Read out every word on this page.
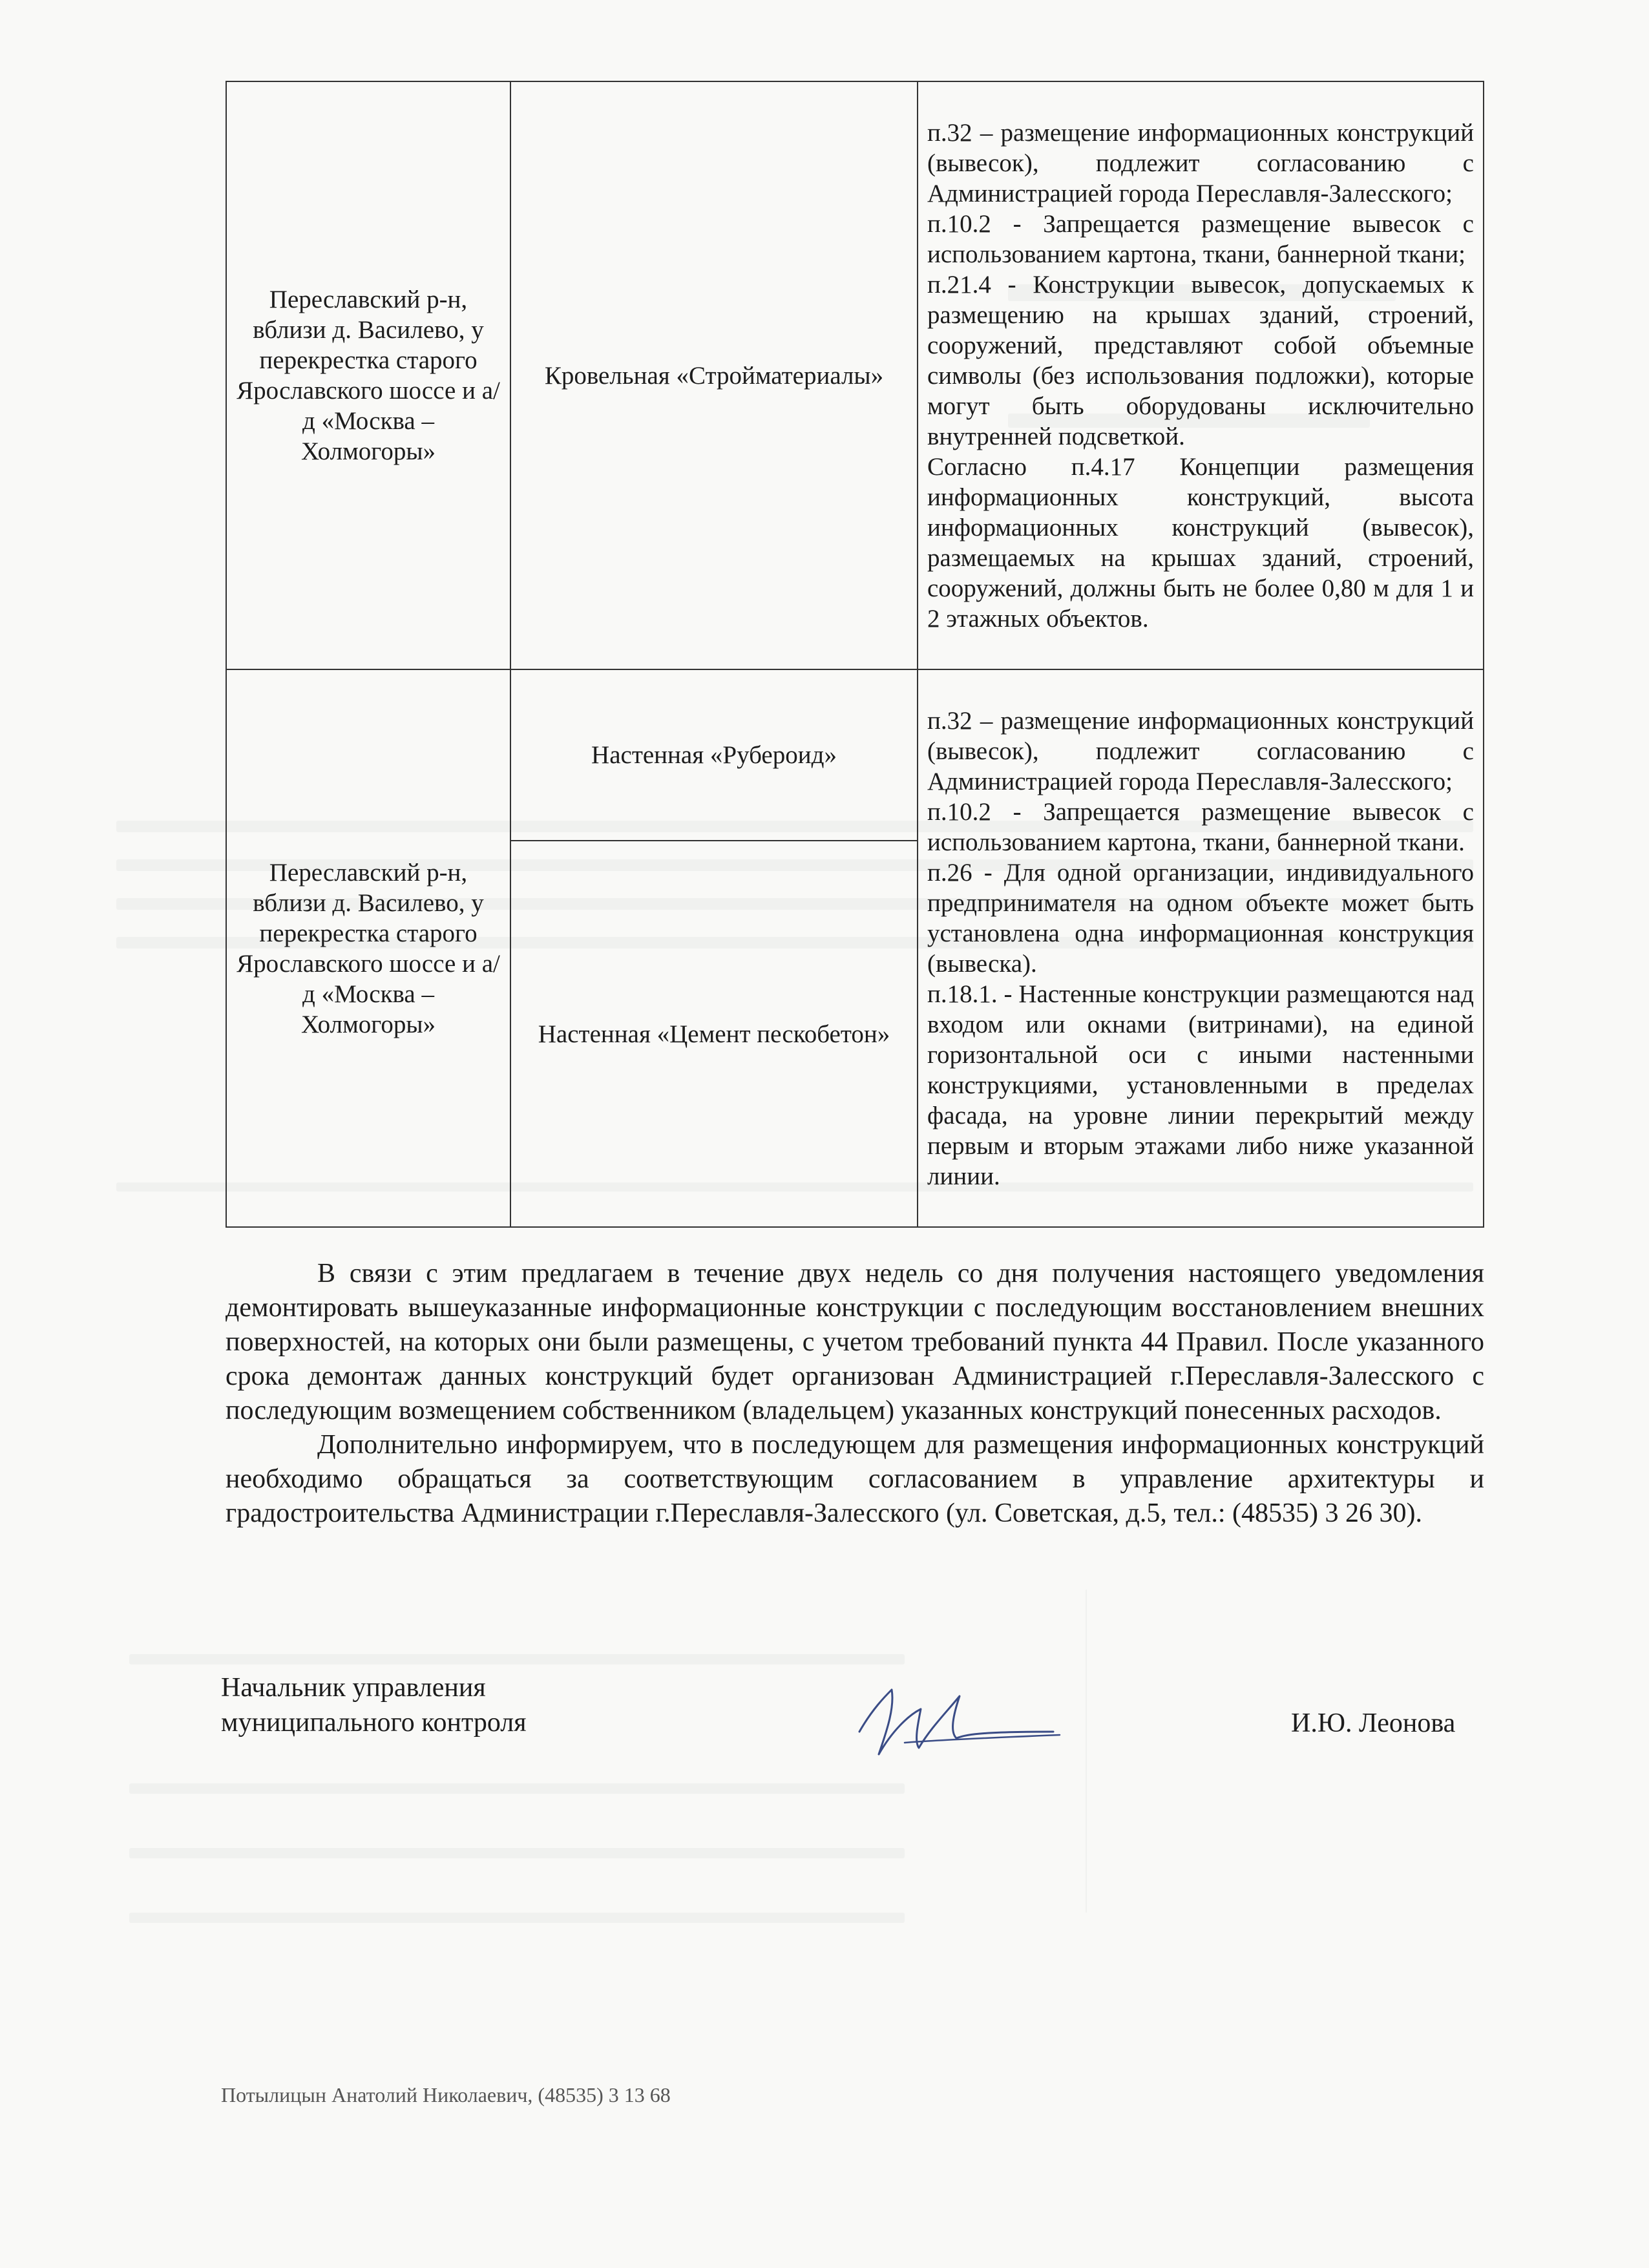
Переславский р-н, вблизи д. Василево, у перекрестка старого Ярославского шоссе и а/д «Москва – Холмогоры»	Кровельная «Стройматериалы»	п.32 – размещение информационных конструкций (вывесок), подлежит согласованию с Администрацией города Переславля-Залесского;

п.10.2 - Запрещается размещение вывесок с использованием картона, ткани, баннерной ткани;

п.21.4 - Конструкции вывесок, допускаемых к размещению на крышах зданий, строений, сооружений, представляют собой объемные символы (без использования подложки), которые могут быть оборудованы исключительно внутренней подсветкой.

Согласно п.4.17 Концепции размещения информационных конструкций, высота информационных конструкций (вывесок), размещаемых на крышах зданий, строений, сооружений, должны быть не более 0,80 м для 1 и 2 этажных объектов.

Переславский р-н, вблизи д. Василево, у перекрестка старого Ярославского шоссе и а/д «Москва – Холмогоры»	Настенная «Рубероид»	п.32 – размещение информационных конструкций (вывесок), подлежит согласованию с Администрацией города Переславля-Залесского;

п.10.2 - Запрещается размещение вывесок с использованием картона, ткани, баннерной ткани.

п.26 - Для одной организации, индивидуального предпринимателя на одном объекте может быть установлена одна информационная конструкция (вывеска).

п.18.1. - Настенные конструкции размещаются над входом или окнами (витринами), на единой горизонтальной оси с иными настенными конструкциями, установленными в пределах фасада, на уровне линии перекрытий между первым и вторым этажами либо ниже указанной линии.

	Настенная «Цемент пескобетон»	

В связи с этим предлагаем в течение двух недель со дня получения настоящего уведомления демонтировать вышеуказанные информационные конструкции с последующим восстановлением внешних поверхностей, на которых они были размещены, с учетом требований пункта 44 Правил. После указанного срока демонтаж данных конструкций будет организован Администрацией г.Переславля-Залесского с последующим возмещением собственником (владельцем) указанных конструкций понесенных расходов.

Дополнительно информируем, что в последующем для размещения информационных конструкций необходимо обращаться за соответствующим согласованием в управление архитектуры и градостроительства Администрации г.Переславля-Залесского (ул. Советская, д.5, тел.: (48535) 3 26 30).

Начальник управления
муниципального контроля	И.Ю. Леонова
Потылицын Анатолий Николаевич, (48535) 3 13 68
